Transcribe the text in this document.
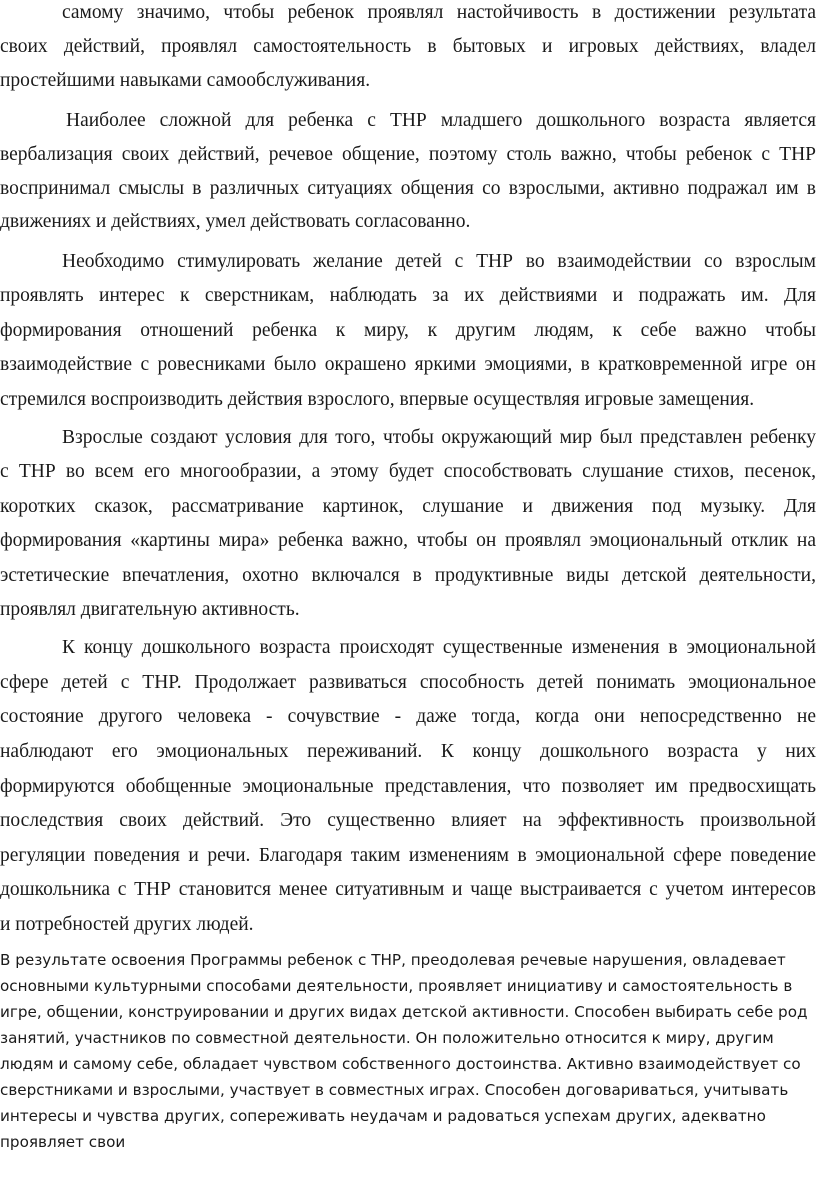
самому значимо, чтобы ребенок проявлял настойчивость в достижении результата
своих действий, проявлял самостоятельность в бытовых и игровых действиях, владел
простейшими навыками самообслуживания.
Наиболее сложной для ребенка с ТНР младшего дошкольного возраста является
вербализация своих действий, речевое общение, поэтому столь важно, чтобы ребенок с ТНР
воспринимал смыслы в различных ситуациях общения со взрослыми, активно подражал им в
движениях и действиях, умел действовать согласованно.
Необходимо стимулировать желание детей с ТНР во взаимодействии со взрослым
проявлять интерес к сверстникам, наблюдать за их действиями и подражать им. Для
формирования отношений ребенка к миру, к другим людям, к себе важно чтобы
взаимодействие с ровесниками было окрашено яркими эмоциями, в кратковременной игре он
стремился воспроизводить действия взрослого, впервые осуществляя игровые замещения.
Взрослые создают условия для того, чтобы окружающий мир был представлен ребенку
с ТНР во всем его многообразии, а этому будет способствовать слушание стихов, песенок,
коротких сказок, рассматривание картинок, слушание и движения под музыку. Для
формирования «картины мира» ребенка важно, чтобы он проявлял эмоциональный отклик на
эстетические впечатления, охотно включался в продуктивные виды детской деятельности,
проявлял двигательную активность.
К концу дошкольного возраста происходят существенные изменения в эмоциональной
сфере детей с ТНР. Продолжает развиваться способность детей понимать эмоциональное
состояние другого человека - сочувствие - даже тогда, когда они непосредственно не
наблюдают его эмоциональных переживаний. К концу дошкольного возраста у них
формируются обобщенные эмоциональные представления, что позволяет им предвосхищать
последствия своих действий. Это существенно влияет на эффективность произвольной
регуляции поведения и речи. Благодаря таким изменениям в эмоциональной сфере поведение
дошкольника с ТНР становится менее ситуативным и чаще выстраивается с учетом интересов
и потребностей других людей.
В результате освоения Программы ребенок с ТНР, преодолевая речевые нарушения, овладевает
основными культурными способами деятельности, проявляет инициативу и самостоятельность в
игре, общении, конструировании и других видах детской активности. Способен выбирать себе род
занятий, участников по совместной деятельности. Он положительно относится к миру, другим
людям и самому себе, обладает чувством собственного достоинства. Активно взаимодействует со
сверстниками и взрослыми, участвует в совместных играх. Способен договариваться, учитывать
интересы и чувства других, сопереживать неудачам и радоваться успехам других, адекватно
проявляет свои
